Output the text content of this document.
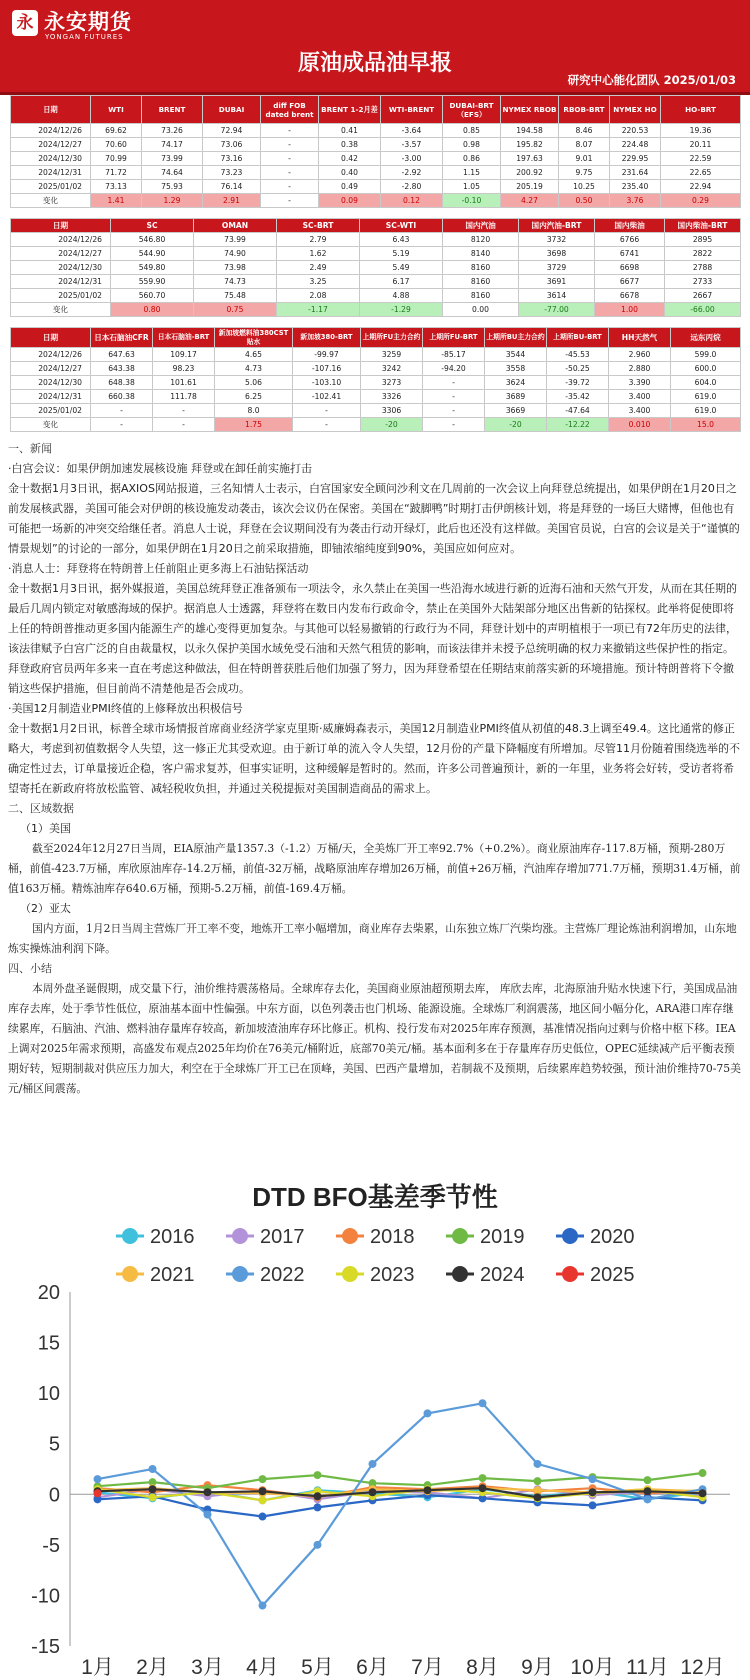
永 永安期货
YONGAN FUTURES
原油成品油早报
研究中心能化团队 2025/01/03
日期	WTI	BRENT	DUBAI	diff FOB dated brent	BRENT 1-2月差	WTI-BRENT	DUBAI-BRT（EFS）	NYMEX RBOB	RBOB-BRT	NYMEX HO	HO-BRT
2024/12/26	69.62	73.26	72.94	-	0.41	-3.64	0.85	194.58	8.46	220.53	19.36
2024/12/27	70.60	74.17	73.06	-	0.38	-3.57	0.98	195.82	8.07	224.48	20.11
2024/12/30	70.99	73.99	73.16	-	0.42	-3.00	0.86	197.63	9.01	229.95	22.59
2024/12/31	71.72	74.64	73.23	-	0.40	-2.92	1.15	200.92	9.75	231.64	22.65
2025/01/02	73.13	75.93	76.14	-	0.49	-2.80	1.05	205.19	10.25	235.40	22.94
变化	1.41	1.29	2.91	-	0.09	0.12	-0.10	4.27	0.50	3.76	0.29
日期	SC	OMAN	SC-BRT	SC-WTI	国内汽油	国内汽油-BRT	国内柴油	国内柴油-BRT
2024/12/26	546.80	73.99	2.79	6.43	8120	3732	6766	2895
2024/12/27	544.90	74.90	1.62	5.19	8140	3698	6741	2822
2024/12/30	549.80	73.98	2.49	5.49	8160	3729	6698	2788
2024/12/31	559.90	74.73	3.25	6.17	8160	3691	6677	2733
2025/01/02	560.70	75.48	2.08	4.88	8160	3614	6678	2667
变化	0.80	0.75	-1.17	-1.29	0.00	-77.00	1.00	-66.00
日期	日本石脑油CFR	日本石脑油-BRT	新加坡燃料油380CST贴水	新加坡380-BRT	上期所FU主力合约	上期所FU-BRT	上期所BU主力合约	上期所BU-BRT	HH天然气	远东丙烷
2024/12/26	647.63	109.17	4.65	-99.97	3259	-85.17	3544	-45.53	2.960	599.0
2024/12/27	643.38	98.23	4.73	-107.16	3242	-94.20	3558	-50.25	2.880	600.0
2024/12/30	648.38	101.61	5.06	-103.10	3273	-	3624	-39.72	3.390	604.0
2024/12/31	660.38	111.78	6.25	-102.41	3326	-	3689	-35.42	3.400	619.0
2025/01/02	-	-	8.0	-	3306	-	3669	-47.64	3.400	619.0
变化	-	-	1.75	-	-20	-	-20	-12.22	0.010	15.0

一、新闻

·白宫会议：如果伊朗加速发展核设施 拜登或在卸任前实施打击

金十数据1月3日讯，据AXIOS网站报道，三名知情人士表示，白宫国家安全顾问沙利文在几周前的一次会议上向拜登总统提出，如果伊朗在1月20日之前发展核武器，美国可能会对伊朗的核设施发动袭击，该次会议仍在保密。美国在“跛脚鸭”时期打击伊朗核计划，将是拜登的一场巨大赌博，但他也有可能把一场新的冲突交给继任者。消息人士说，拜登在会议期间没有为袭击行动开绿灯，此后也还没有这样做。美国官员说，白宫的会议是关于“谨慎的情景规划”的讨论的一部分，如果伊朗在1月20日之前采取措施，即铀浓缩纯度到90%，美国应如何应对。

·消息人士：拜登将在特朗普上任前阻止更多海上石油钻探活动

金十数据1月3日讯，据外媒报道，美国总统拜登正准备颁布一项法令，永久禁止在美国一些沿海水域进行新的近海石油和天然气开发，从而在其任期的最后几周内锁定对敏感海域的保护。据消息人士透露，拜登将在数日内发布行政命令，禁止在美国外大陆架部分地区出售新的钻探权。此举将促使即将上任的特朗普推动更多国内能源生产的雄心变得更加复杂。与其他可以轻易撤销的行政行为不同，拜登计划中的声明植根于一项已有72年历史的法律，该法律赋予白宫广泛的自由裁量权，以永久保护美国水域免受石油和天然气租赁的影响，而该法律并未授予总统明确的权力来撤销这些保护性的指定。拜登政府官员两年多来一直在考虑这种做法，但在特朗普获胜后他们加强了努力，因为拜登希望在任期结束前落实新的环境措施。预计特朗普将下令撤销这些保护措施，但目前尚不清楚他是否会成功。

·美国12月制造业PMI终值的上修释放出积极信号

金十数据1月2日讯，标普全球市场情报首席商业经济学家克里斯·威廉姆森表示，美国12月制造业PMI终值从初值的48.3上调至49.4。这比通常的修正略大，考虑到初值数据令人失望，这一修正尤其受欢迎。由于新订单的流入令人失望，12月份的产量下降幅度有所增加。尽管11月份随着围绕选举的不确定性过去，订单量接近企稳，客户需求复苏，但事实证明，这种缓解是暂时的。然而，许多公司普遍预计，新的一年里，业务将会好转，受访者将希望寄托在新政府将放松监管、减轻税收负担，并通过关税提振对美国制造商品的需求上。

二、区域数据

（1）美国

截至2024年12月27日当周，EIA原油产量1357.3（-1.2）万桶/天，全美炼厂开工率92.7%（+0.2%）。商业原油库存-117.8万桶，预期-280万桶，前值-423.7万桶，库欣原油库存-14.2万桶，前值-32万桶，战略原油库存增加26万桶，前值+26万桶，汽油库存增加771.7万桶，预期31.4万桶，前值163万桶。精炼油库存640.6万桶，预期-5.2万桶，前值-169.4万桶。

（2）亚太

国内方面，1月2日当周主营炼厂开工率不变，地炼开工率小幅增加，商业库存去柴累，山东独立炼厂汽柴均涨。主营炼厂理论炼油利润增加，山东地炼实操炼油利润下降。

四、小结

本周外盘圣诞假期，成交量下行，油价维持震荡格局。全球库存去化，美国商业原油超预期去库， 库欣去库，北海原油升贴水快速下行，美国成品油库存去库，处于季节性低位，原油基本面中性偏强。中东方面，以色列袭击也门机场、能源设施。全球炼厂利润震荡，地区间小幅分化，ARA港口库存继续累库，石脑油、汽油、燃料油存量库存较高，新加坡渣油库存环比修正。机构、投行发布对2025年库存预测，基准情况指向过剩与价格中枢下移。IEA上调对2025年需求预期，高盛发布观点2025年均价在76美元/桶附近，底部70美元/桶。基本面利多在于存量库存历史低位，OPEC延续减产后平衡表预期好转，短期制裁对供应压力加大，利空在于全球炼厂开工已在顶峰，美国、巴西产量增加，若制裁不及预期，后续累库趋势较强，预计油价维持70-75美元/桶区间震荡。

DTD BFO基差季节性
2016	2017	2018	2019	2020
2021	2022	2023	2024	2025
-15
-10
-5
0
5
10
15
20
1月 2月 3月 4月 5月 6月 7月 8月 9月 10月 11月 12月
